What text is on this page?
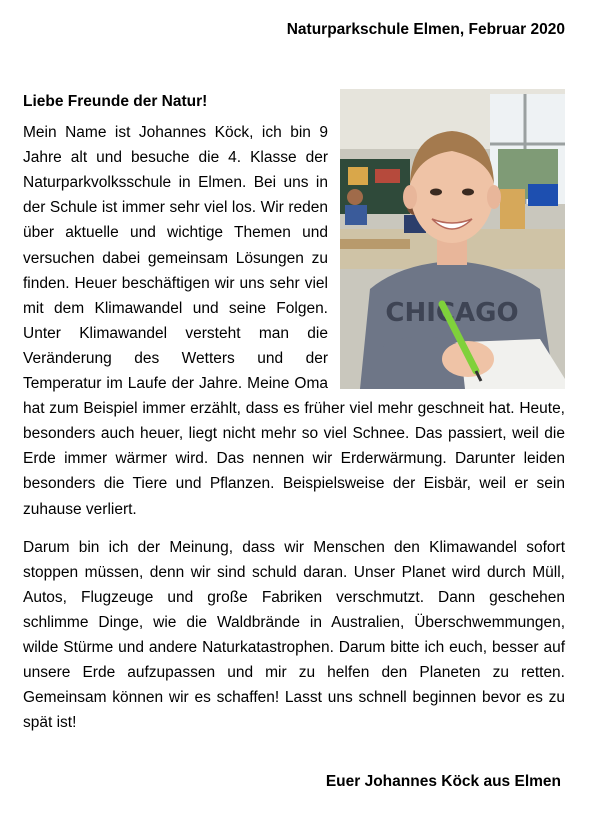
Naturparkschule Elmen, Februar 2020
CHICAGO

Liebe Freunde der Natur!

Mein Name ist Johannes Köck, ich bin 9 Jahre alt und besuche die 4. Klasse der Naturparkvolksschule in Elmen. Bei uns in der Schule ist immer sehr viel los. Wir reden über aktuelle und wichtige Themen und versuchen dabei gemeinsam Lösungen zu finden. Heuer beschäftigen wir uns sehr viel mit dem Klimawandel und seine Folgen. Unter Klimawandel versteht man die Veränderung des Wetters und der Temperatur im Laufe der Jahre. Meine Oma hat zum Beispiel immer erzählt, dass es früher viel mehr geschneit hat. Heute, besonders auch heuer, liegt nicht mehr so viel Schnee. Das passiert, weil die Erde immer wärmer wird. Das nennen wir Erderwärmung. Darunter leiden besonders die Tiere und Pflanzen. Beispielsweise der Eisbär, weil er sein zuhause verliert.

Darum bin ich der Meinung, dass wir Menschen den Klimawandel sofort stoppen müssen, denn wir sind schuld daran. Unser Planet wird durch Müll, Autos, Flugzeuge und große Fabriken verschmutzt. Dann geschehen schlimme Dinge, wie die Waldbrände in Australien, Überschwemmungen, wilde Stürme und andere Naturkatastrophen. Darum bitte ich euch, besser auf unsere Erde aufzupassen und mir zu helfen den Planeten zu retten. Gemeinsam können wir es schaffen! Lasst uns schnell beginnen bevor es zu spät ist!

Euer Johannes Köck aus Elmen
